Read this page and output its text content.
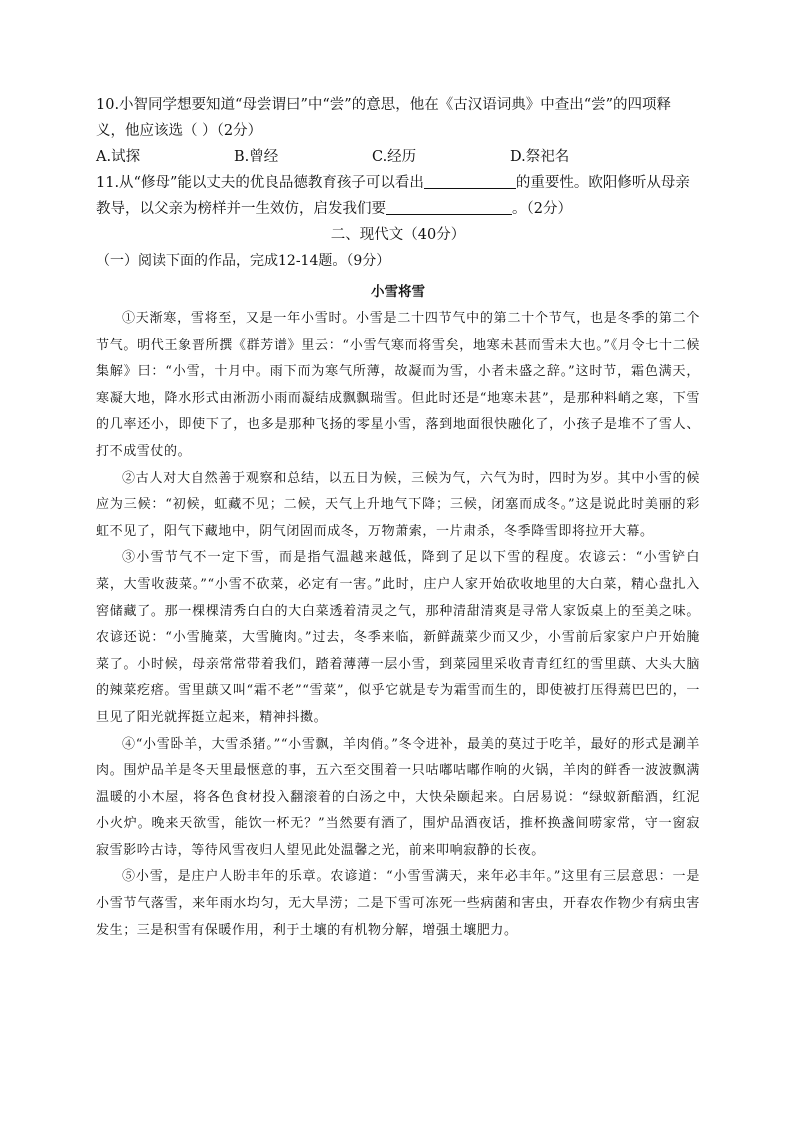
10.小智同学想要知道“母尝谓曰”中“尝”的意思，他在《古汉语词典》中查出“尝”的四项释义，他应该选（ ）（2分）

A.试探	B.曾经	C.经历	D.祭祀名

11.从“修母”能以丈夫的优良品德教育孩子可以看出	的重要性。欧阳修听从母亲教导，以父亲为榜样并一生效仿，启发我们要	。（2分）

二、现代文（40分）

（一）阅读下面的作品，完成12-14题。（9分）

小雪将雪

①天渐寒，雪将至，又是一年小雪时。小雪是二十四节气中的第二十个节气，也是冬季的第二个节气。明代王象晋所撰《群芳谱》里云：“小雪气寒而将雪矣，地寒未甚而雪未大也。”《月令七十二候集解》曰：“小雪，十月中。雨下而为寒气所薄，故凝而为雪，小者未盛之辞。”这时节，霜色满天，寒凝大地，降水形式由淅沥小雨而凝结成飘飘瑞雪。但此时还是“地寒未甚”，是那种料峭之寒，下雪的几率还小，即使下了，也多是那种飞扬的零星小雪，落到地面很快融化了，小孩子是堆不了雪人、打不成雪仗的。

②古人对大自然善于观察和总结，以五日为候，三候为气，六气为时，四时为岁。其中小雪的候应为三候：“初候，虹藏不见；二候，天气上升地气下降；三候，闭塞而成冬。”这是说此时美丽的彩虹不见了，阳气下藏地中，阴气闭固而成冬，万物萧索，一片肃杀，冬季降雪即将拉开大幕。

③小雪节气不一定下雪，而是指气温越来越低，降到了足以下雪的程度。农谚云：“小雪铲白菜，大雪收菠菜。”“小雪不砍菜，必定有一害。”此时，庄户人家开始砍收地里的大白菜，精心盘扎入窖储藏了。那一棵棵清秀白白的大白菜透着清灵之气，那种清甜清爽是寻常人家饭桌上的至美之味。农谚还说：“小雪腌菜，大雪腌肉。”过去，冬季来临，新鲜蔬菜少而又少，小雪前后家家户户开始腌菜了。小时候，母亲常常带着我们，踏着薄薄一层小雪，到菜园里采收青青红红的雪里蕻、大头大脑的辣菜疙瘩。雪里蕻又叫“霜不老”“雪菜”，似乎它就是专为霜雪而生的，即使被打压得蔫巴巴的，一旦见了阳光就挥挺立起来，精神抖擞。

④“小雪卧羊，大雪杀猪。”“小雪飘，羊肉俏。”冬令进补，最美的莫过于吃羊，最好的形式是涮羊肉。围炉品羊是冬天里最惬意的事，五六至交围着一只咕嘟咕嘟作响的火锅，羊肉的鲜香一波波飘满温暖的小木屋，将各色食材投入翻滚着的白汤之中，大快朵颐起来。白居易说：“绿蚁新醅酒，红泥小火炉。晚来天欲雪，能饮一杯无？”当然要有酒了，围炉品酒夜话，推杯换盏间唠家常，守一窗寂寂雪影吟古诗，等待风雪夜归人望见此处温馨之光，前来叩响寂静的长夜。

⑤小雪，是庄户人盼丰年的乐章。农谚道：“小雪雪满天，来年必丰年。”这里有三层意思：一是小雪节气落雪，来年雨水均匀，无大旱涝；二是下雪可冻死一些病菌和害虫，开春农作物少有病虫害发生；三是积雪有保暖作用，利于土壤的有机物分解，增强土壤肥力。
